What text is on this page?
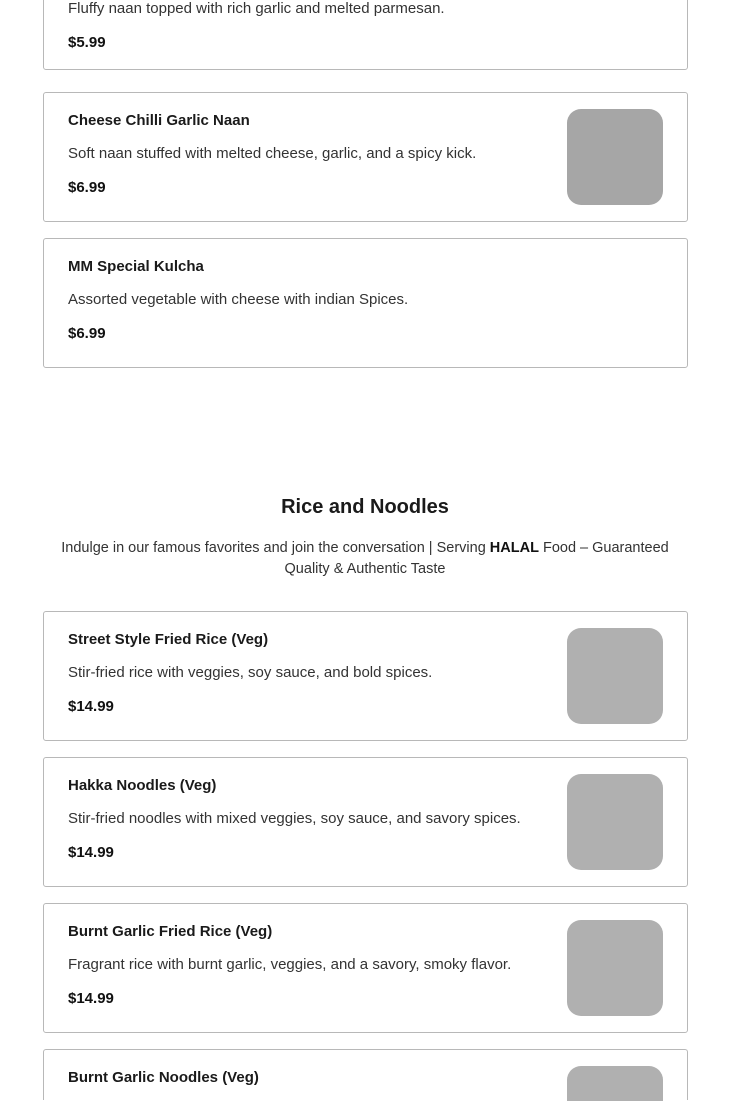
Fluffy naan topped with rich garlic and melted parmesan.
$5.99
Cheese Chilli Garlic Naan
Soft naan stuffed with melted cheese, garlic, and a spicy kick.
$6.99
MM Special Kulcha
Assorted vegetable with cheese with indian Spices.
$6.99
Rice and Noodles
Indulge in our famous favorites and join the conversation | Serving HALAL Food – Guaranteed Quality & Authentic Taste
Street Style Fried Rice (Veg)
Stir-fried rice with veggies, soy sauce, and bold spices.
$14.99
Hakka Noodles (Veg)
Stir-fried noodles with mixed veggies, soy sauce, and savory spices.
$14.99
Burnt Garlic Fried Rice (Veg)
Fragrant rice with burnt garlic, veggies, and a savory, smoky flavor.
$14.99
Burnt Garlic Noodles (Veg)
